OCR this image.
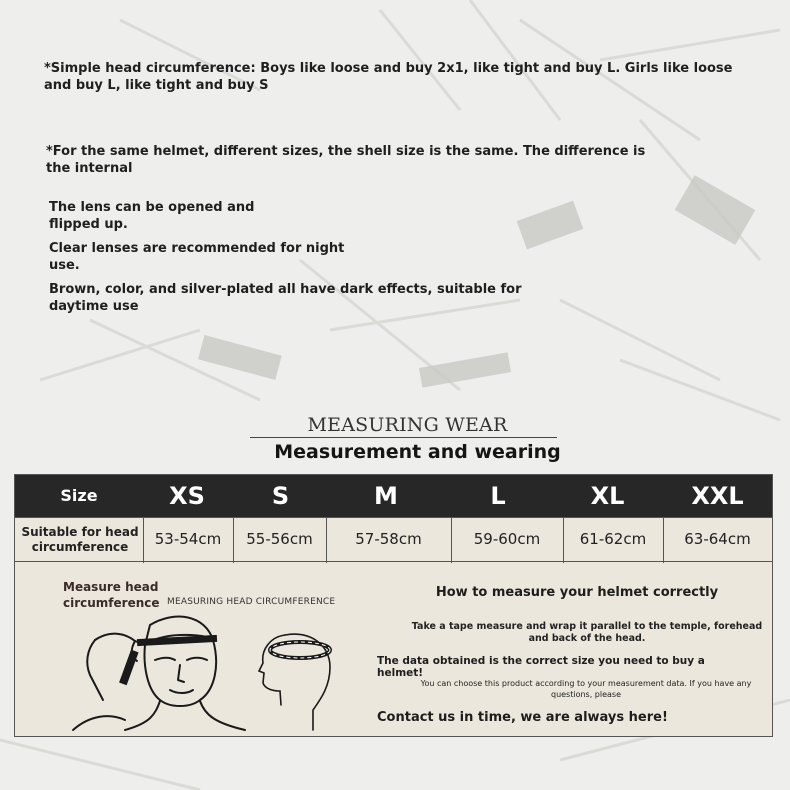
*Simple head circumference: Boys like loose and buy 2x1, like tight and buy L. Girls like loose and buy L, like tight and buy S
*For the same helmet, different sizes, the shell size is the same. The difference is the internal
The lens can be opened and flipped up.
Clear lenses are recommended for night use.
Brown, color, and silver-plated all have dark effects, suitable for daytime use
MEASURING WEAR
Measurement and wearing
Size	XS	S	M	L	XL	XXL
Suitable for head circumference	53-54cm	55-56cm	57-58cm	59-60cm	61-62cm	63-64cm
Measure head circumference MEASURING HEAD CIRCUMFERENCE
How to measure your helmet correctly
Take a tape measure and wrap it parallel to the temple, forehead and back of the head.
The data obtained is the correct size you need to buy a helmet!
You can choose this product according to your measurement data. If you have any questions, please
Contact us in time, we are always here!
